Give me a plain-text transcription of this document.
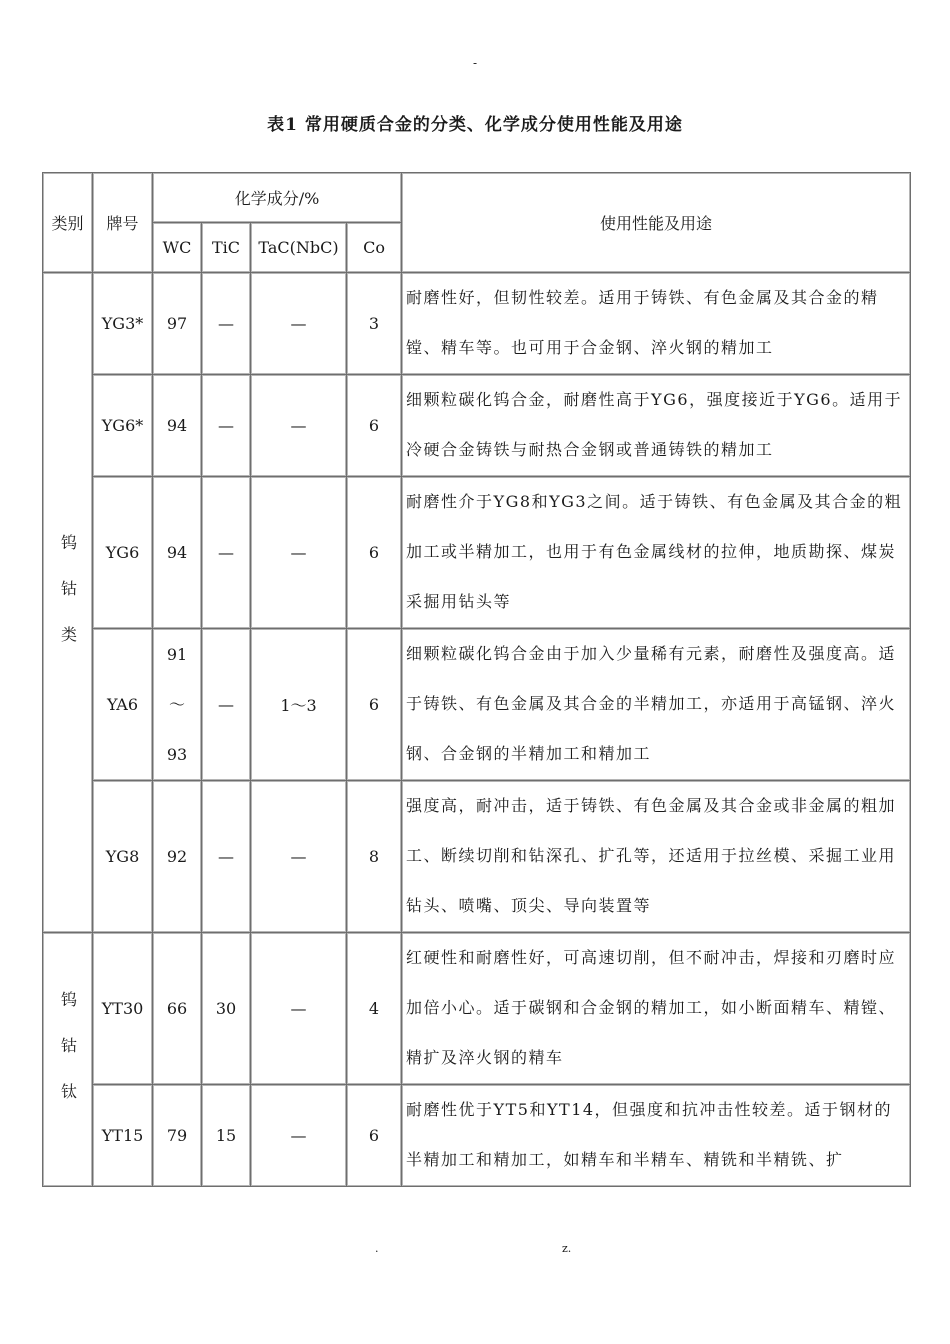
-
表1 常用硬质合金的分类、化学成分使用性能及用途
类别	牌号	化学成分/%				使用性能及用途
		WC	TiC	TaC(NbC)	Co	
钨钴类	YG3*	97	—	—	3	耐磨性好，但韧性较差。适用于铸铁、有色金属及其合金的精镗、精车等。也可用于合金钢、淬火钢的精加工
	YG6*	94	—	—	6	细颗粒碳化钨合金，耐磨性高于YG6，强度接近于YG6。适用于冷硬合金铸铁与耐热合金钢或普通铸铁的精加工
	YG6	94	—	—	6	耐磨性介于YG8和YG3之间。适于铸铁、有色金属及其合金的粗加工或半精加工，也用于有色金属线材的拉伸，地质勘探、煤炭采掘用钻头等
	YA6	91～93	—	1～3	6	细颗粒碳化钨合金由于加入少量稀有元素，耐磨性及强度高。适于铸铁、有色金属及其合金的半精加工，亦适用于高锰钢、淬火钢、合金钢的半精加工和精加工
	YG8	92	—	—	8	强度高，耐冲击，适于铸铁、有色金属及其合金或非金属的粗加工、断续切削和钻深孔、扩孔等，还适用于拉丝模、采掘工业用钻头、喷嘴、顶尖、导向装置等
钨钴钛	YT30	66	30	—	4	红硬性和耐磨性好，可高速切削，但不耐冲击，焊接和刃磨时应加倍小心。适于碳钢和合金钢的精加工，如小断面精车、精镗、精扩及淬火钢的精车
	YT15	79	15	—	6	耐磨性优于YT5和YT14，但强度和抗冲击性较差。适于钢材的半精加工和精加工，如精车和半精车、精铣和半精铣、扩
.	z.
